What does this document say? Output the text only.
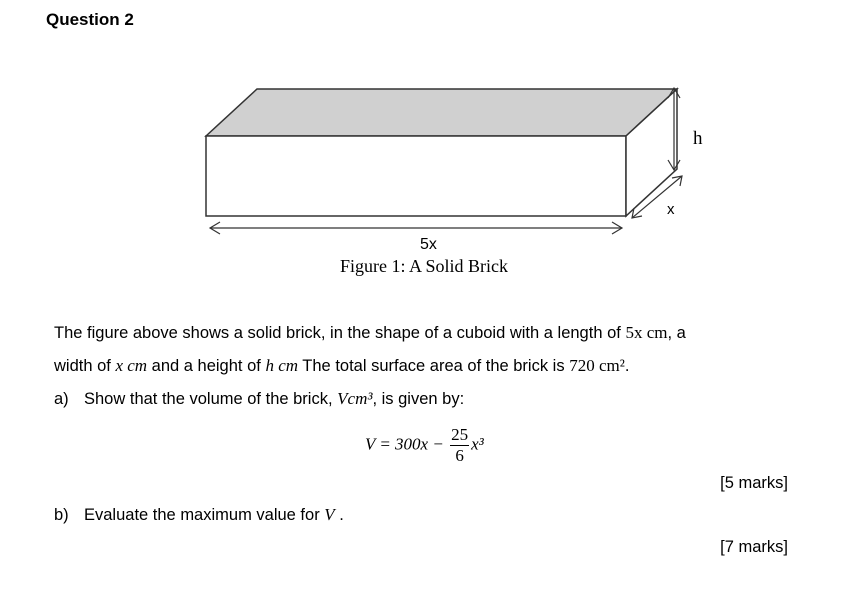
Question 2
h
x
5x
Figure 1: A Solid Brick
The figure above shows a solid brick, in the shape of a cuboid with a length of 5x cm, a
width of x cm and a height of h cm The total surface area of the brick is 720 cm².
a) Show that the volume of the brick, Vcm³, is given by:
$V = 300x - \frac{25}{6} x^3$
[5 marks]
b) Evaluate the maximum value for V .
[7 marks]
